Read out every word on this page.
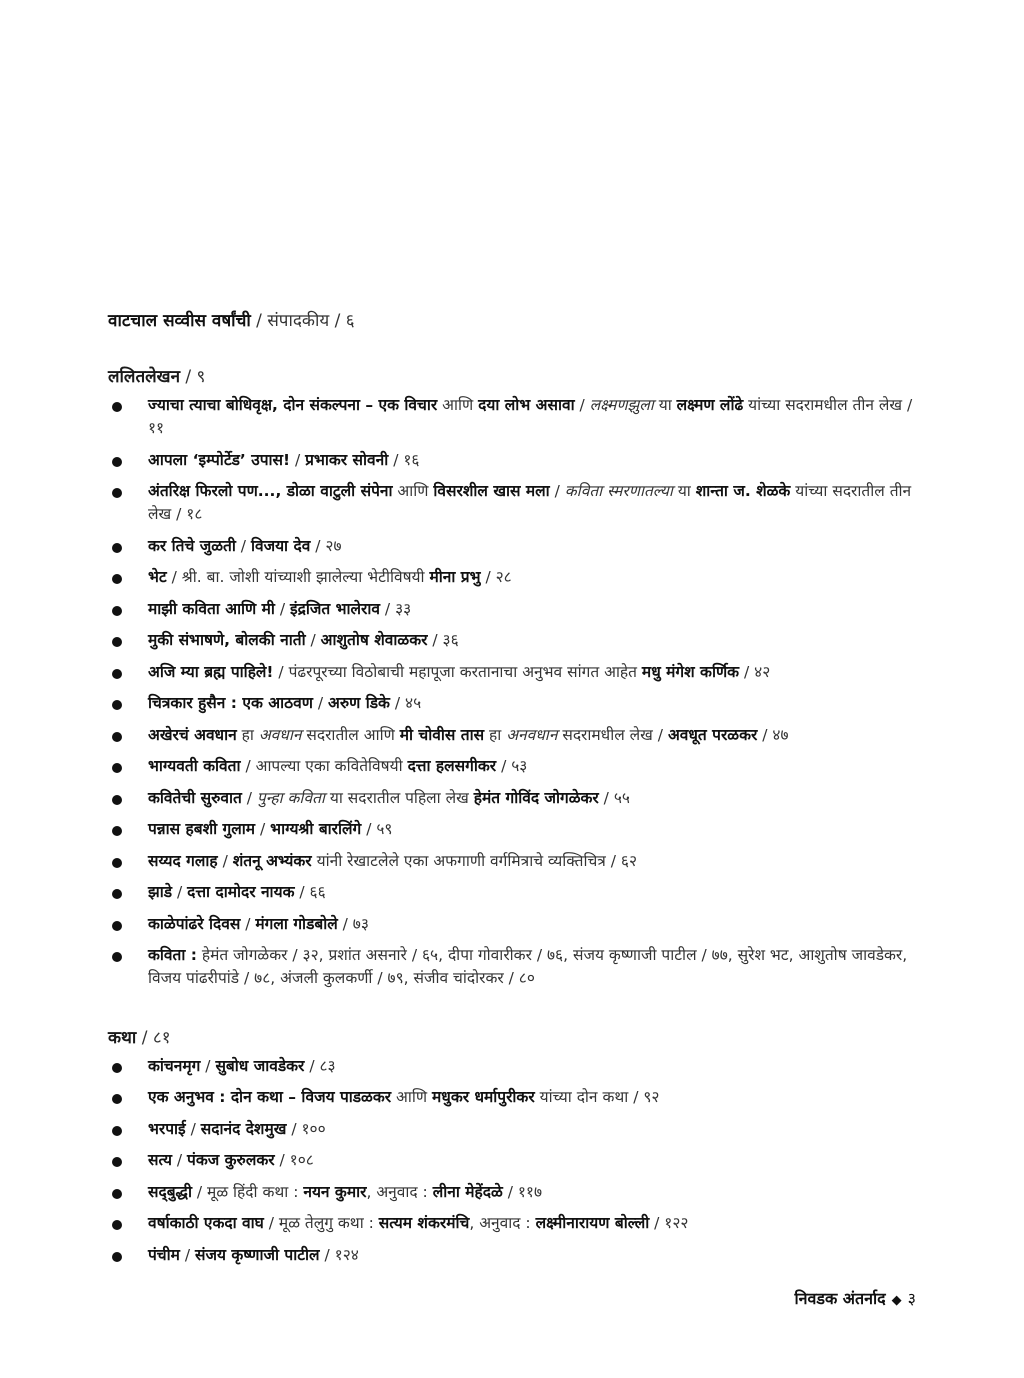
वाटचाल सव्वीस वर्षांची / संपादकीय / ६

ललितलेखन / ९

ज्याचा त्याचा बोधिवृक्ष, दोन संकल्पना – एक विचार आणि दया लोभ असावा / लक्ष्मणझुला या लक्ष्मण लोंढे यांच्या सदरामधील तीन लेख / ११
आपला ‘इम्पोर्टेड’ उपास! / प्रभाकर सोवनी / १६
अंतरिक्ष फिरलो पण..., डोळा वाटुली संपेना आणि विसरशील खास मला / कविता स्मरणातल्या या शान्ता ज. शेळके यांच्या सदरातील तीन लेख / १८
कर तिचे जुळती / विजया देव / २७
भेट / श्री. बा. जोशी यांच्याशी झालेल्या भेटीविषयी मीना प्रभु / २८
माझी कविता आणि मी / इंद्रजित भालेराव / ३३
मुकी संभाषणे, बोलकी नाती / आशुतोष शेवाळकर / ३६
अजि म्या ब्रह्म पाहिले! / पंढरपूरच्या विठोबाची महापूजा करतानाचा अनुभव सांगत आहेत मधु मंगेश कर्णिक / ४२
चित्रकार हुसैन : एक आठवण / अरुण डिके / ४५
अखेरचं अवधान हा अवधान सदरातील आणि मी चोवीस तास हा अनवधान सदरामधील लेख / अवधूत परळकर / ४७
भाग्यवती कविता / आपल्या एका कवितेविषयी दत्ता हलसगीकर / ५३
कवितेची सुरुवात / पुन्हा कविता या सदरातील पहिला लेख हेमंत गोविंद जोगळेकर / ५५
पन्नास हबशी गुलाम / भाग्यश्री बारलिंगे / ५९
सय्यद गलाह / शंतनू अभ्यंकर यांनी रेखाटलेले एका अफगाणी वर्गमित्राचे व्यक्तिचित्र / ६२
झाडे / दत्ता दामोदर नायक / ६६
काळेपांढरे दिवस / मंगला गोडबोले / ७३
कविता : हेमंत जोगळेकर / ३२, प्रशांत असनारे / ६५, दीपा गोवारीकर / ७६, संजय कृष्णाजी पाटील / ७७, सुरेश भट, आशुतोष जावडेकर, विजय पांढरीपांडे / ७८, अंजली कुलकर्णी / ७९, संजीव चांदोरकर / ८०

कथा / ८१

कांचनमृग / सुबोध जावडेकर / ८३
एक अनुभव : दोन कथा – विजय पाडळकर आणि मधुकर धर्मापुरीकर यांच्या दोन कथा / ९२
भरपाई / सदानंद देशमुख / १००
सत्य / पंकज कुरुलकर / १०८
सद्‌बुद्धी / मूळ हिंदी कथा : नयन कुमार, अनुवाद : लीना मेहेंदळे / ११७
वर्षाकाठी एकदा वाघ / मूळ तेलुगु कथा : सत्यम शंकरमंचि, अनुवाद : लक्ष्मीनारायण बोल्ली / १२२
पंचीम / संजय कृष्णाजी पाटील / १२४
निवडक अंतर्नाद ◆ ३
